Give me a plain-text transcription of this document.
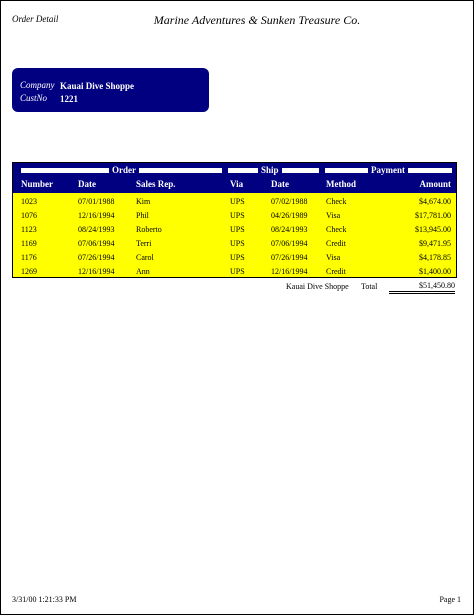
Order Detail	Marine Adventures & Sunken Treasure Co.
Company Kauai Dive Shoppe
CustNo 1221
Order	Ship	Payment
Number	Date	Sales Rep.	Via	Date	Method	Amount
1023	07/01/1988	Kim	UPS	07/02/1988 Check	$4,674.00
1076	12/16/1994	Phil	UPS	04/26/1989 Visa	$17,781.00
1123	08/24/1993	Roberto	UPS	08/24/1993 Check	$13,945.00
1169	07/06/1994	Terri	UPS	07/06/1994 Credit	$9,471.95
1176	07/26/1994	Carol	UPS	07/26/1994 Visa	$4,178.85
1269	12/16/1994	Ann	UPS	12/16/1994 Credit	$1,400.00
Kauai Dive Shoppe Total	$51,450.80
3/31/00 1:21:33 PM	Page 1
